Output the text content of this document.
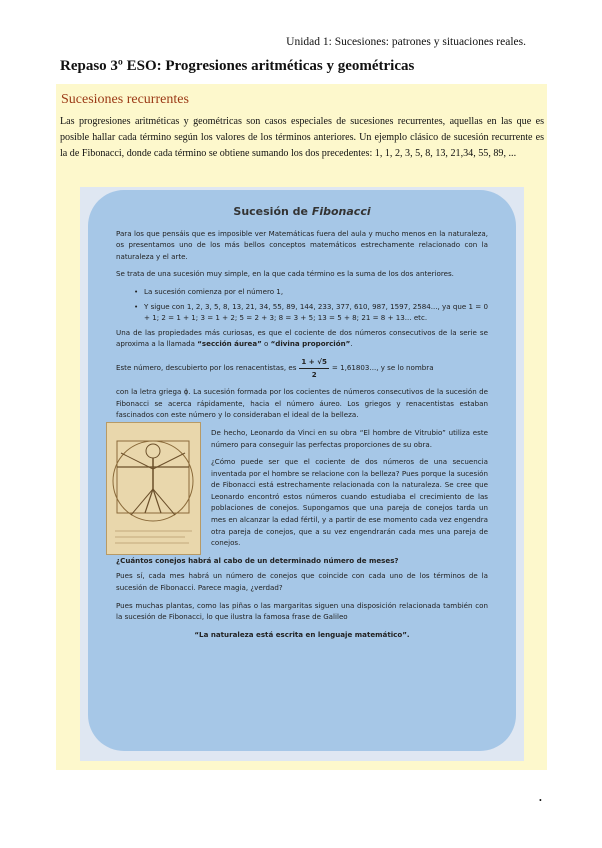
Unidad 1: Sucesiones: patrones y situaciones reales.
Repaso 3º ESO: Progresiones aritméticas y geométricas
Sucesiones recurrentes
Las progresiones aritméticas y geométricas son casos especiales de sucesiones recurrentes, aquellas en las que es posible hallar cada término según los valores de los términos anteriores. Un ejemplo clásico de sucesión recurrente es la de Fibonacci, donde cada término se obtiene sumando los dos precedentes: 1, 1, 2, 3, 5, 8, 13, 21,34, 55, 89, ...
Sucesión de Fibonacci

Para los que pensáis que es imposible ver Matemáticas fuera del aula y mucho menos en la naturaleza, os presentamos uno de los más bellos conceptos matemáticos estrechamente relacionado con la naturaleza y el arte.

Se trata de una sucesión muy simple, en la que cada término es la suma de los dos anteriores.

• La sucesión comienza por el número 1,
• Y sigue con 1, 2, 3, 5, 8, 13, 21, 34, 55, 89, 144, 233, 377, 610, 987, 1597, 2584..., ya que 1 = 0 + 1; 2 = 1 + 1; 3 = 1 + 2; 5 = 2 + 3; 8 = 3 + 5; 13 = 5 + 8; 21 = 8 + 13... etc.

Una de las propiedades más curiosas, es que el cociente de dos números consecutivos de la serie se aproxima a la llamada “sección áurea” o “divina proporción”.

Este número, descubierto por los renacentistas, es $\frac{1 + √5}{2} = 1,61803$..., y se lo nombra

con la letra griega ϕ. La sucesión formada por los cocientes de números consecutivos de la sucesión de Fibonacci se acerca rápidamente, hacia el número áureo. Los griegos y renacentistas estaban fascinados con este número y lo consideraban el ideal de la belleza.

De hecho, Leonardo da Vinci en su obra “El hombre de Vitrubio” utiliza este número para conseguir las perfectas proporciones de su obra.

¿Cómo puede ser que el cociente de dos números de una secuencia inventada por el hombre se relacione con la belleza? Pues porque la sucesión de Fibonacci está estrechamente relacionada con la naturaleza. Se cree que Leonardo encontró estos números cuando estudiaba el crecimiento de las poblaciones de conejos. Supongamos que una pareja de conejos tarda un mes en alcanzar la edad fértil, y a partir de ese momento cada vez engendra otra pareja de conejos, que a su vez engendrarán cada mes una pareja de conejos.

¿Cuántos conejos habrá al cabo de un determinado número de meses?

Pues sí, cada mes habrá un número de conejos que coincide con cada uno de los términos de la sucesión de Fibonacci. Parece magia, ¿verdad?

Pues muchas plantas, como las piñas o las margaritas siguen una disposición relacionada también con la sucesión de Fibonacci, lo que ilustra la famosa frase de Galileo

“La naturaleza está escrita en lenguaje matemático”.
•
